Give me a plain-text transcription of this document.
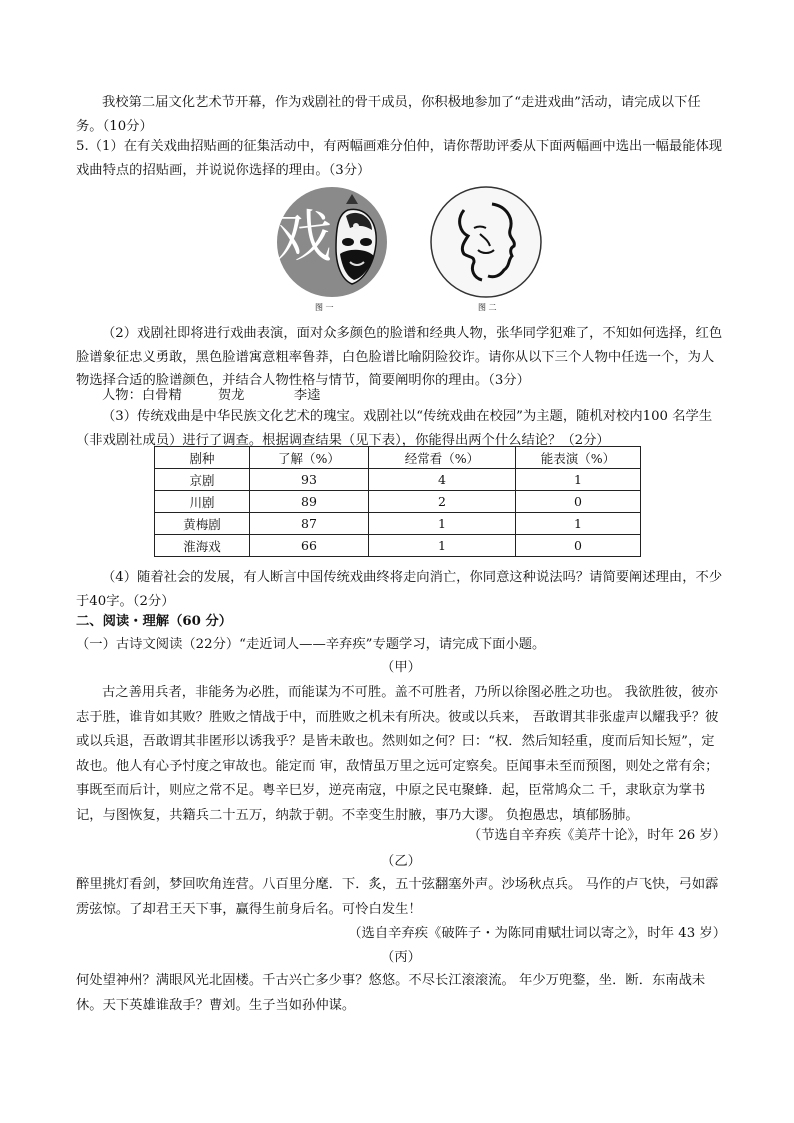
我校第二届文化艺术节开幕，作为戏剧社的骨干成员，你积极地参加了“走进戏曲”活动，请完成以下任务。（10分）

5.（1）在有关戏曲招贴画的征集活动中，有两幅画难分伯仲，请你帮助评委从下面两幅画中选出一幅最能体现戏曲特点的招贴画，并说说你选择的理由。（3分）

戏
图 一	图 二

（2）戏剧社即将进行戏曲表演，面对众多颜色的脸谱和经典人物，张华同学犯难了，不知如何选择，红色脸谱象征忠义勇敢，黑色脸谱寓意粗率鲁莽，白色脸谱比喻阴险狡诈。请你从以下三个人物中任选一个，为人物选择合适的脸谱颜色，并结合人物性格与情节，简要阐明你的理由。（3分）

人物：白骨精	贺龙	李逵

（3）传统戏曲是中华民族文化艺术的瑰宝。戏剧社以“传统戏曲在校园”为主题，随机对校内100 名学生（非戏剧社成员）进行了调查。根据调查结果（见下表），你能得出两个什么结论？（2分）

剧种	了解（%）	经常看（%）	能表演（%）
京剧	93	4	1
川剧	89	2	0
黄梅剧	87	1	1
淮海戏	66	1	0

（4）随着社会的发展，有人断言中国传统戏曲终将走向消亡，你同意这种说法吗？请简要阐述理由，不少于40字。（2分）

二、阅读・理解（60 分）

（一）古诗文阅读（22分）“走近词人——辛弃疾”专题学习，请完成下面小题。

（甲）

古之善用兵者，非能务为必胜，而能谋为不可胜。盖不可胜者，乃所以徐图必胜之功也。 我欲胜彼，彼亦志于胜，谁肯如其败？胜败之情战于中，而胜败之机未有所决。彼或以兵来， 吾敢谓其非张虚声以耀我乎？彼或以兵退，吾敢谓其非匿形以诱我乎？是皆未敢也。然则如之何？曰：“权．然后知轻重，度而后知长短”，定故也。他人有心予忖度之审故也。能定而 审，敌情虽万里之远可定察矣。臣闻事未至而预图，则处之常有余；事既至而后计，则应之常不足。粤辛巳岁，逆亮南寇，中原之民屯聚蜂．起，臣常鸠众二 千，隶耿京为掌书记，与图恢复，共籍兵二十五万，纳款于朝。不幸变生肘腋，事乃大谬。 负抱愚忠，填郁肠肺。

（节选自辛弃疾《美芹十论》，时年 26 岁）

（乙）

醉里挑灯看剑，梦回吹角连营。八百里分麾．下．炙，五十弦翻塞外声。沙场秋点兵。 马作的卢飞快，弓如霹雳弦惊。了却君王天下事，赢得生前身后名。可怜白发生！

（选自辛弃疾《破阵子・为陈同甫赋壮词以寄之》，时年 43 岁）

（丙）

何处望神州？满眼风光北固楼。千古兴亡多少事？悠悠。不尽长江滚滚流。 年少万兜鍪，坐．断．东南战未休。天下英雄谁敌手？曹刘。生子当如孙仲谋。
